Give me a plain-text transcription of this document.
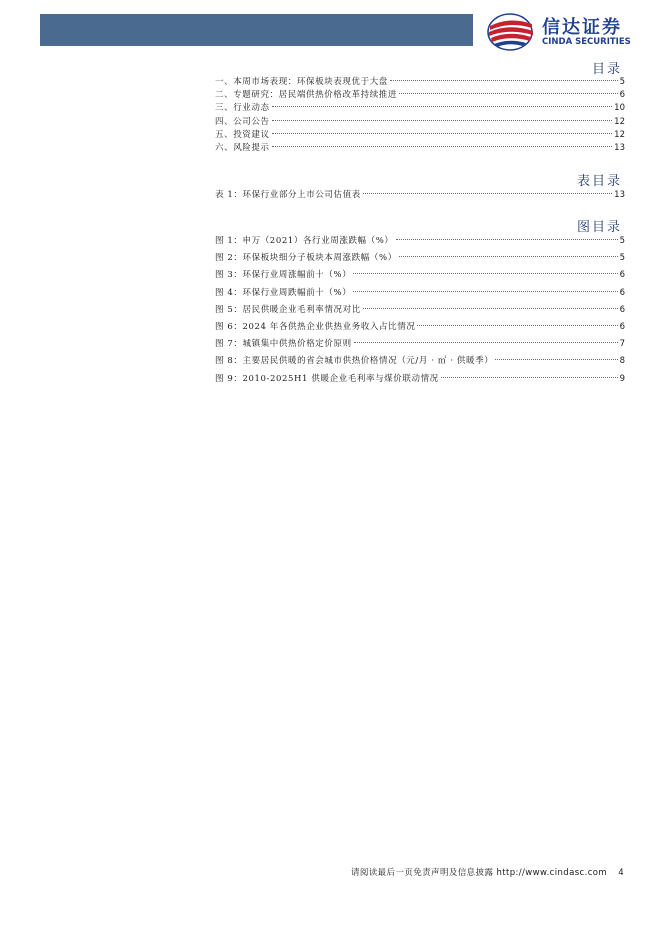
信达证券
CINDA SECURITIES
目录
一、本周市场表现：环保板块表现优于大盘	5
二、专题研究：居民端供热价格改革持续推进	6
三、行业动态	10
四、公司公告	12
五、投资建议	12
六、风险提示	13
表目录
表 1：环保行业部分上市公司估值表	13
图目录
图 1：申万（2021）各行业周涨跌幅（%）	5
图 2：环保板块细分子板块本周涨跌幅（%）	5
图 3：环保行业周涨幅前十（%）	6
图 4：环保行业周跌幅前十（%）	6
图 5：居民供暖企业毛利率情况对比	6
图 6：2024 年各供热企业供热业务收入占比情况	6
图 7：城镇集中供热价格定价原则	7
图 8：主要居民供暖的省会城市供热价格情况（元/月 · ㎡ · 供暖季）	8
图 9：2010-2025H1 供暖企业毛利率与煤价联动情况	9
请阅读最后一页免责声明及信息披露 http://www.cindasc.com 4
